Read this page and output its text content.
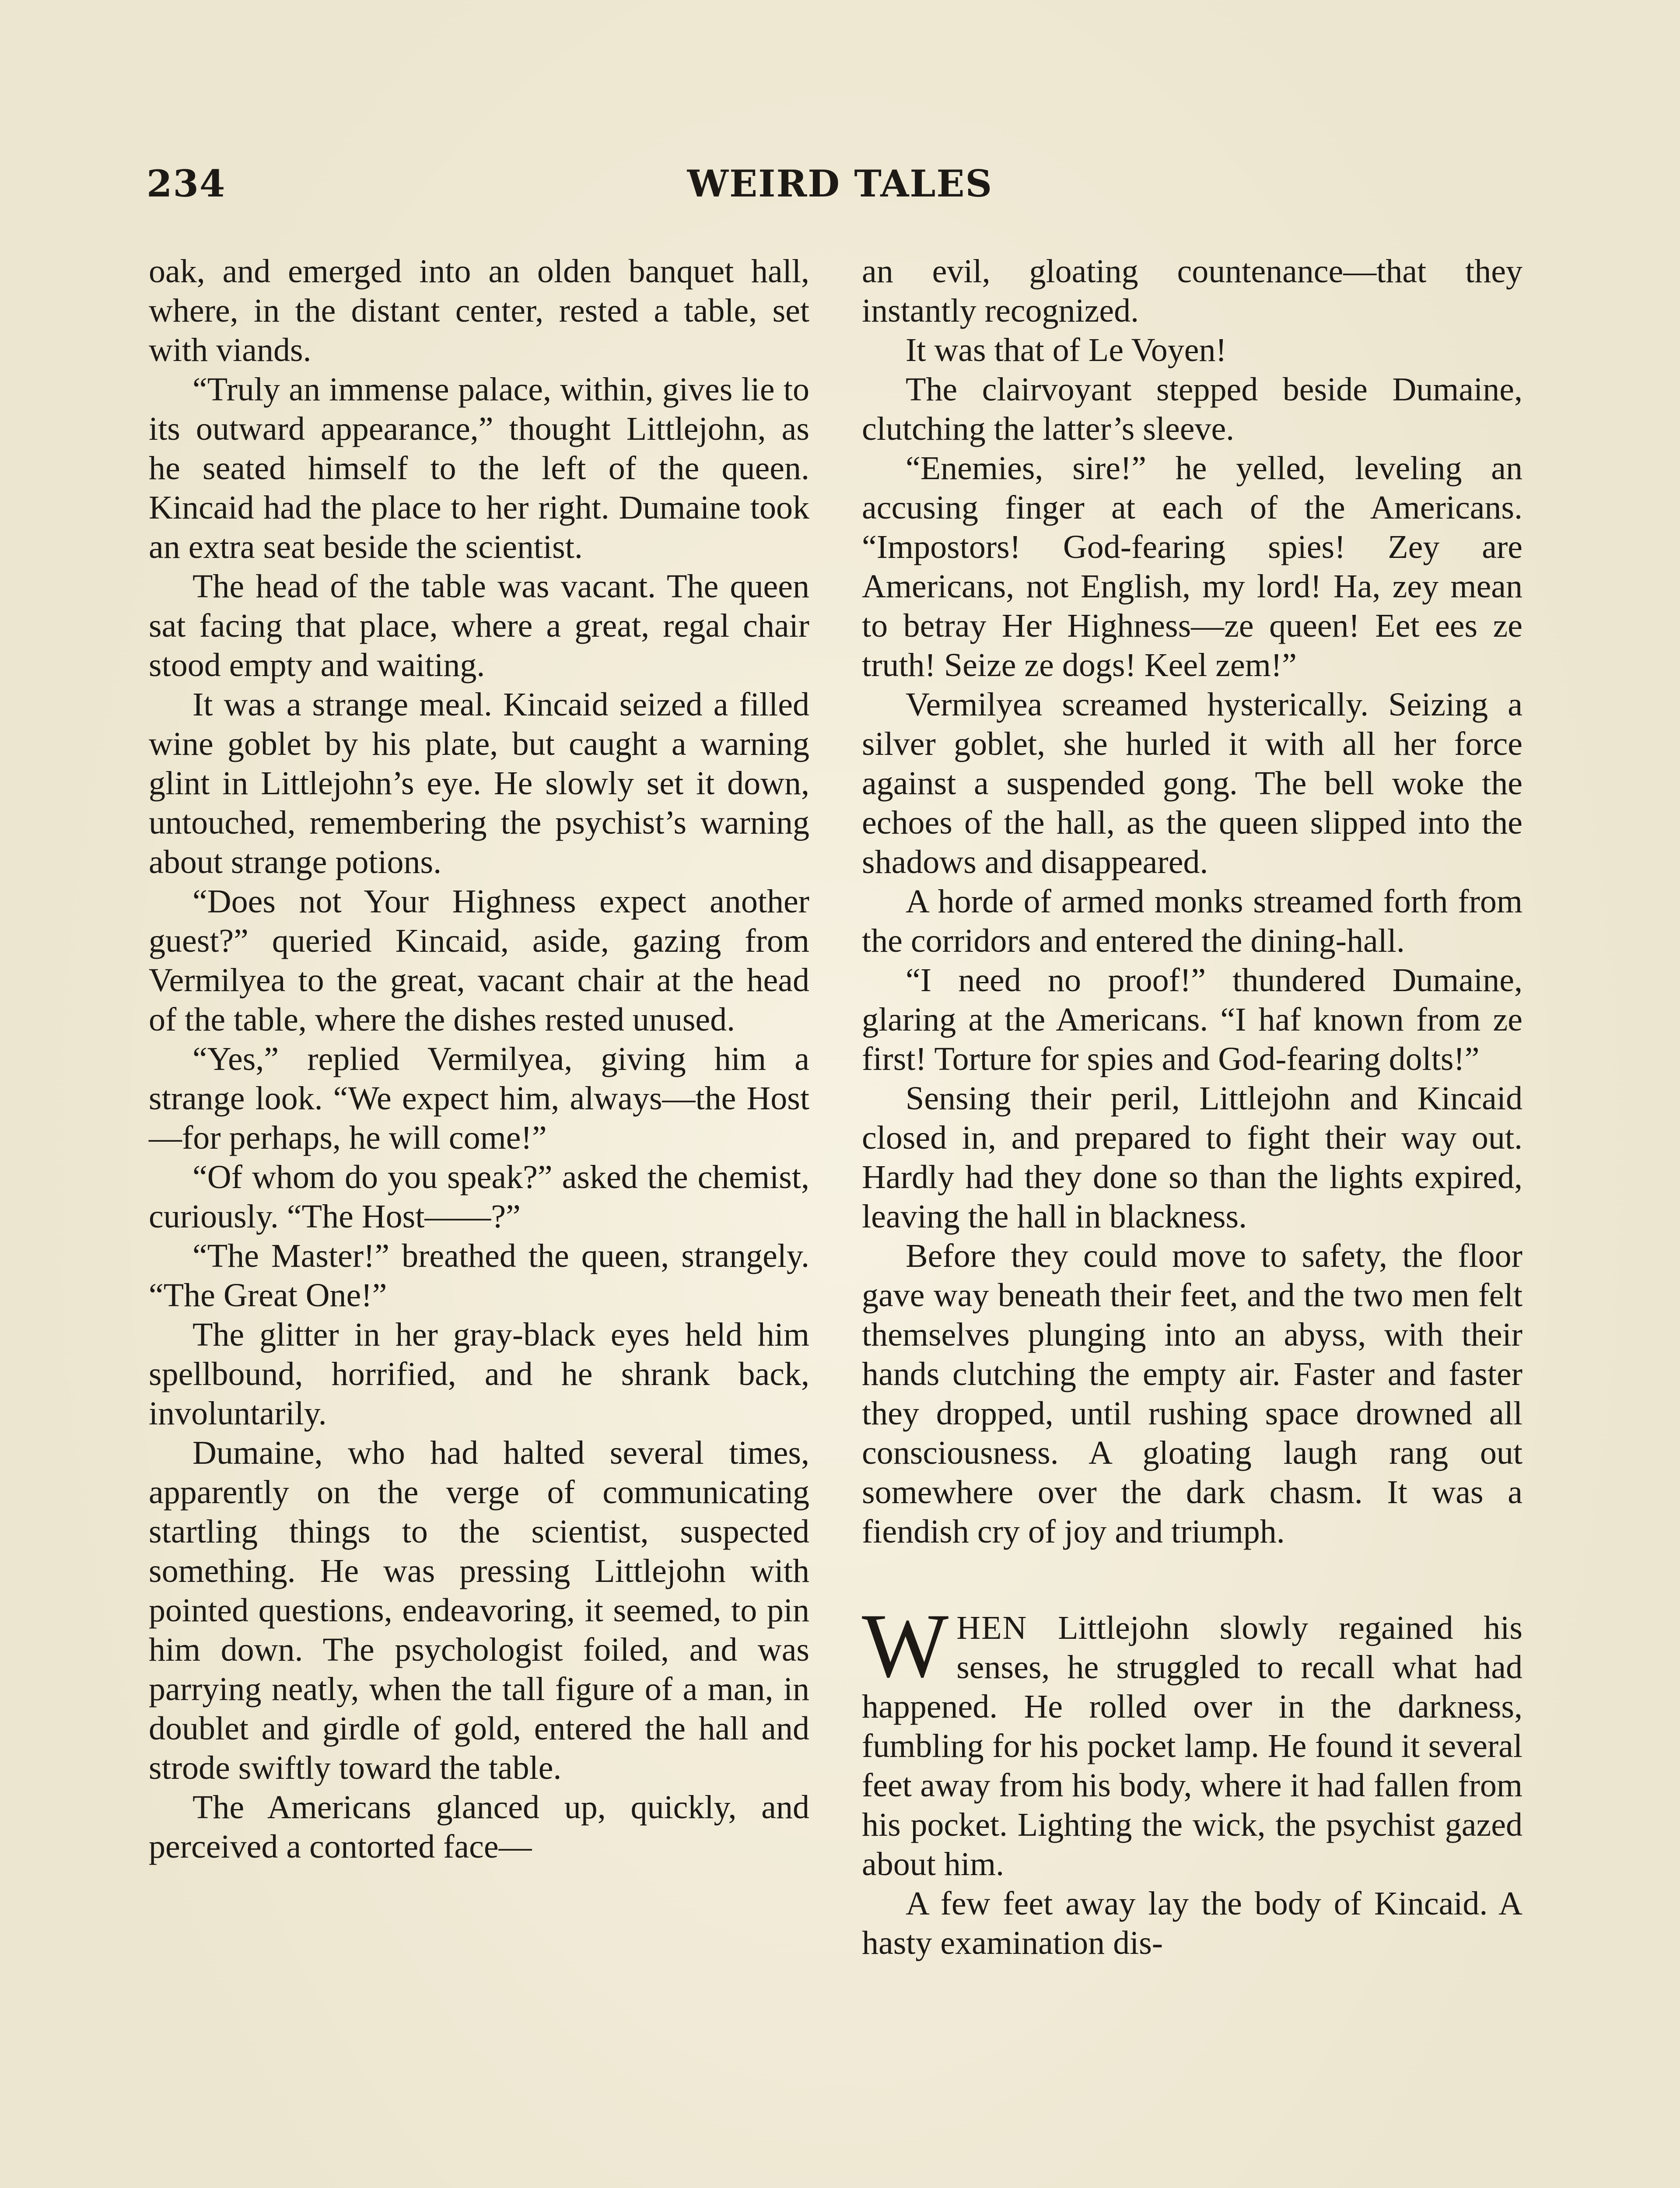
234	WEIRD TALES

oak, and emerged into an olden banquet hall, where, in the distant center, rested a table, set with viands.

“Truly an immense palace, within, gives lie to its outward appearance,” thought Littlejohn, as he seated himself to the left of the queen. Kincaid had the place to her right. Dumaine took an extra seat beside the scientist.

The head of the table was vacant. The queen sat facing that place, where a great, regal chair stood empty and waiting.

It was a strange meal. Kincaid seized a filled wine goblet by his plate, but caught a warning glint in Littlejohn’s eye. He slowly set it down, untouched, remembering the psychist’s warning about strange potions.

“Does not Your Highness expect another guest?” queried Kincaid, aside, gazing from Vermilyea to the great, vacant chair at the head of the table, where the dishes rested unused.

“Yes,” replied Vermilyea, giving him a strange look. “We expect him, always—the Host—for perhaps, he will come!”

“Of whom do you speak?” asked the chemist, curiously. “The Host——?”

“The Master!” breathed the queen, strangely. “The Great One!”

The glitter in her gray-black eyes held him spellbound, horrified, and he shrank back, involuntarily.

Dumaine, who had halted several times, apparently on the verge of communicating startling things to the scientist, suspected something. He was pressing Littlejohn with pointed questions, endeavoring, it seemed, to pin him down. The psychologist foiled, and was parrying neatly, when the tall figure of a man, in doublet and girdle of gold, entered the hall and strode swiftly toward the table.

The Americans glanced up, quickly, and perceived a contorted face—

an evil, gloating countenance—that they instantly recognized.

It was that of Le Voyen!

The clairvoyant stepped beside Dumaine, clutching the latter’s sleeve.

“Enemies, sire!” he yelled, leveling an accusing finger at each of the Americans. “Impostors! God-fearing spies! Zey are Americans, not English, my lord! Ha, zey mean to betray Her Highness—ze queen! Eet ees ze truth! Seize ze dogs! Keel zem!”

Vermilyea screamed hysterically. Seizing a silver goblet, she hurled it with all her force against a suspended gong. The bell woke the echoes of the hall, as the queen slipped into the shadows and disappeared.

A horde of armed monks streamed forth from the corridors and entered the dining-hall.

“I need no proof!” thundered Dumaine, glaring at the Americans. “I haf known from ze first! Torture for spies and God-fearing dolts!”

Sensing their peril, Littlejohn and Kincaid closed in, and prepared to fight their way out. Hardly had they done so than the lights expired, leaving the hall in blackness.

Before they could move to safety, the floor gave way beneath their feet, and the two men felt themselves plunging into an abyss, with their hands clutching the empty air. Faster and faster they dropped, until rushing space drowned all consciousness. A gloating laugh rang out somewhere over the dark chasm. It was a fiendish cry of joy and triumph.

WHEN Littlejohn slowly regained his senses, he struggled to recall what had happened. He rolled over in the darkness, fumbling for his pocket lamp. He found it several feet away from his body, where it had fallen from his pocket. Lighting the wick, the psychist gazed about him.

A few feet away lay the body of Kincaid. A hasty examination dis-
